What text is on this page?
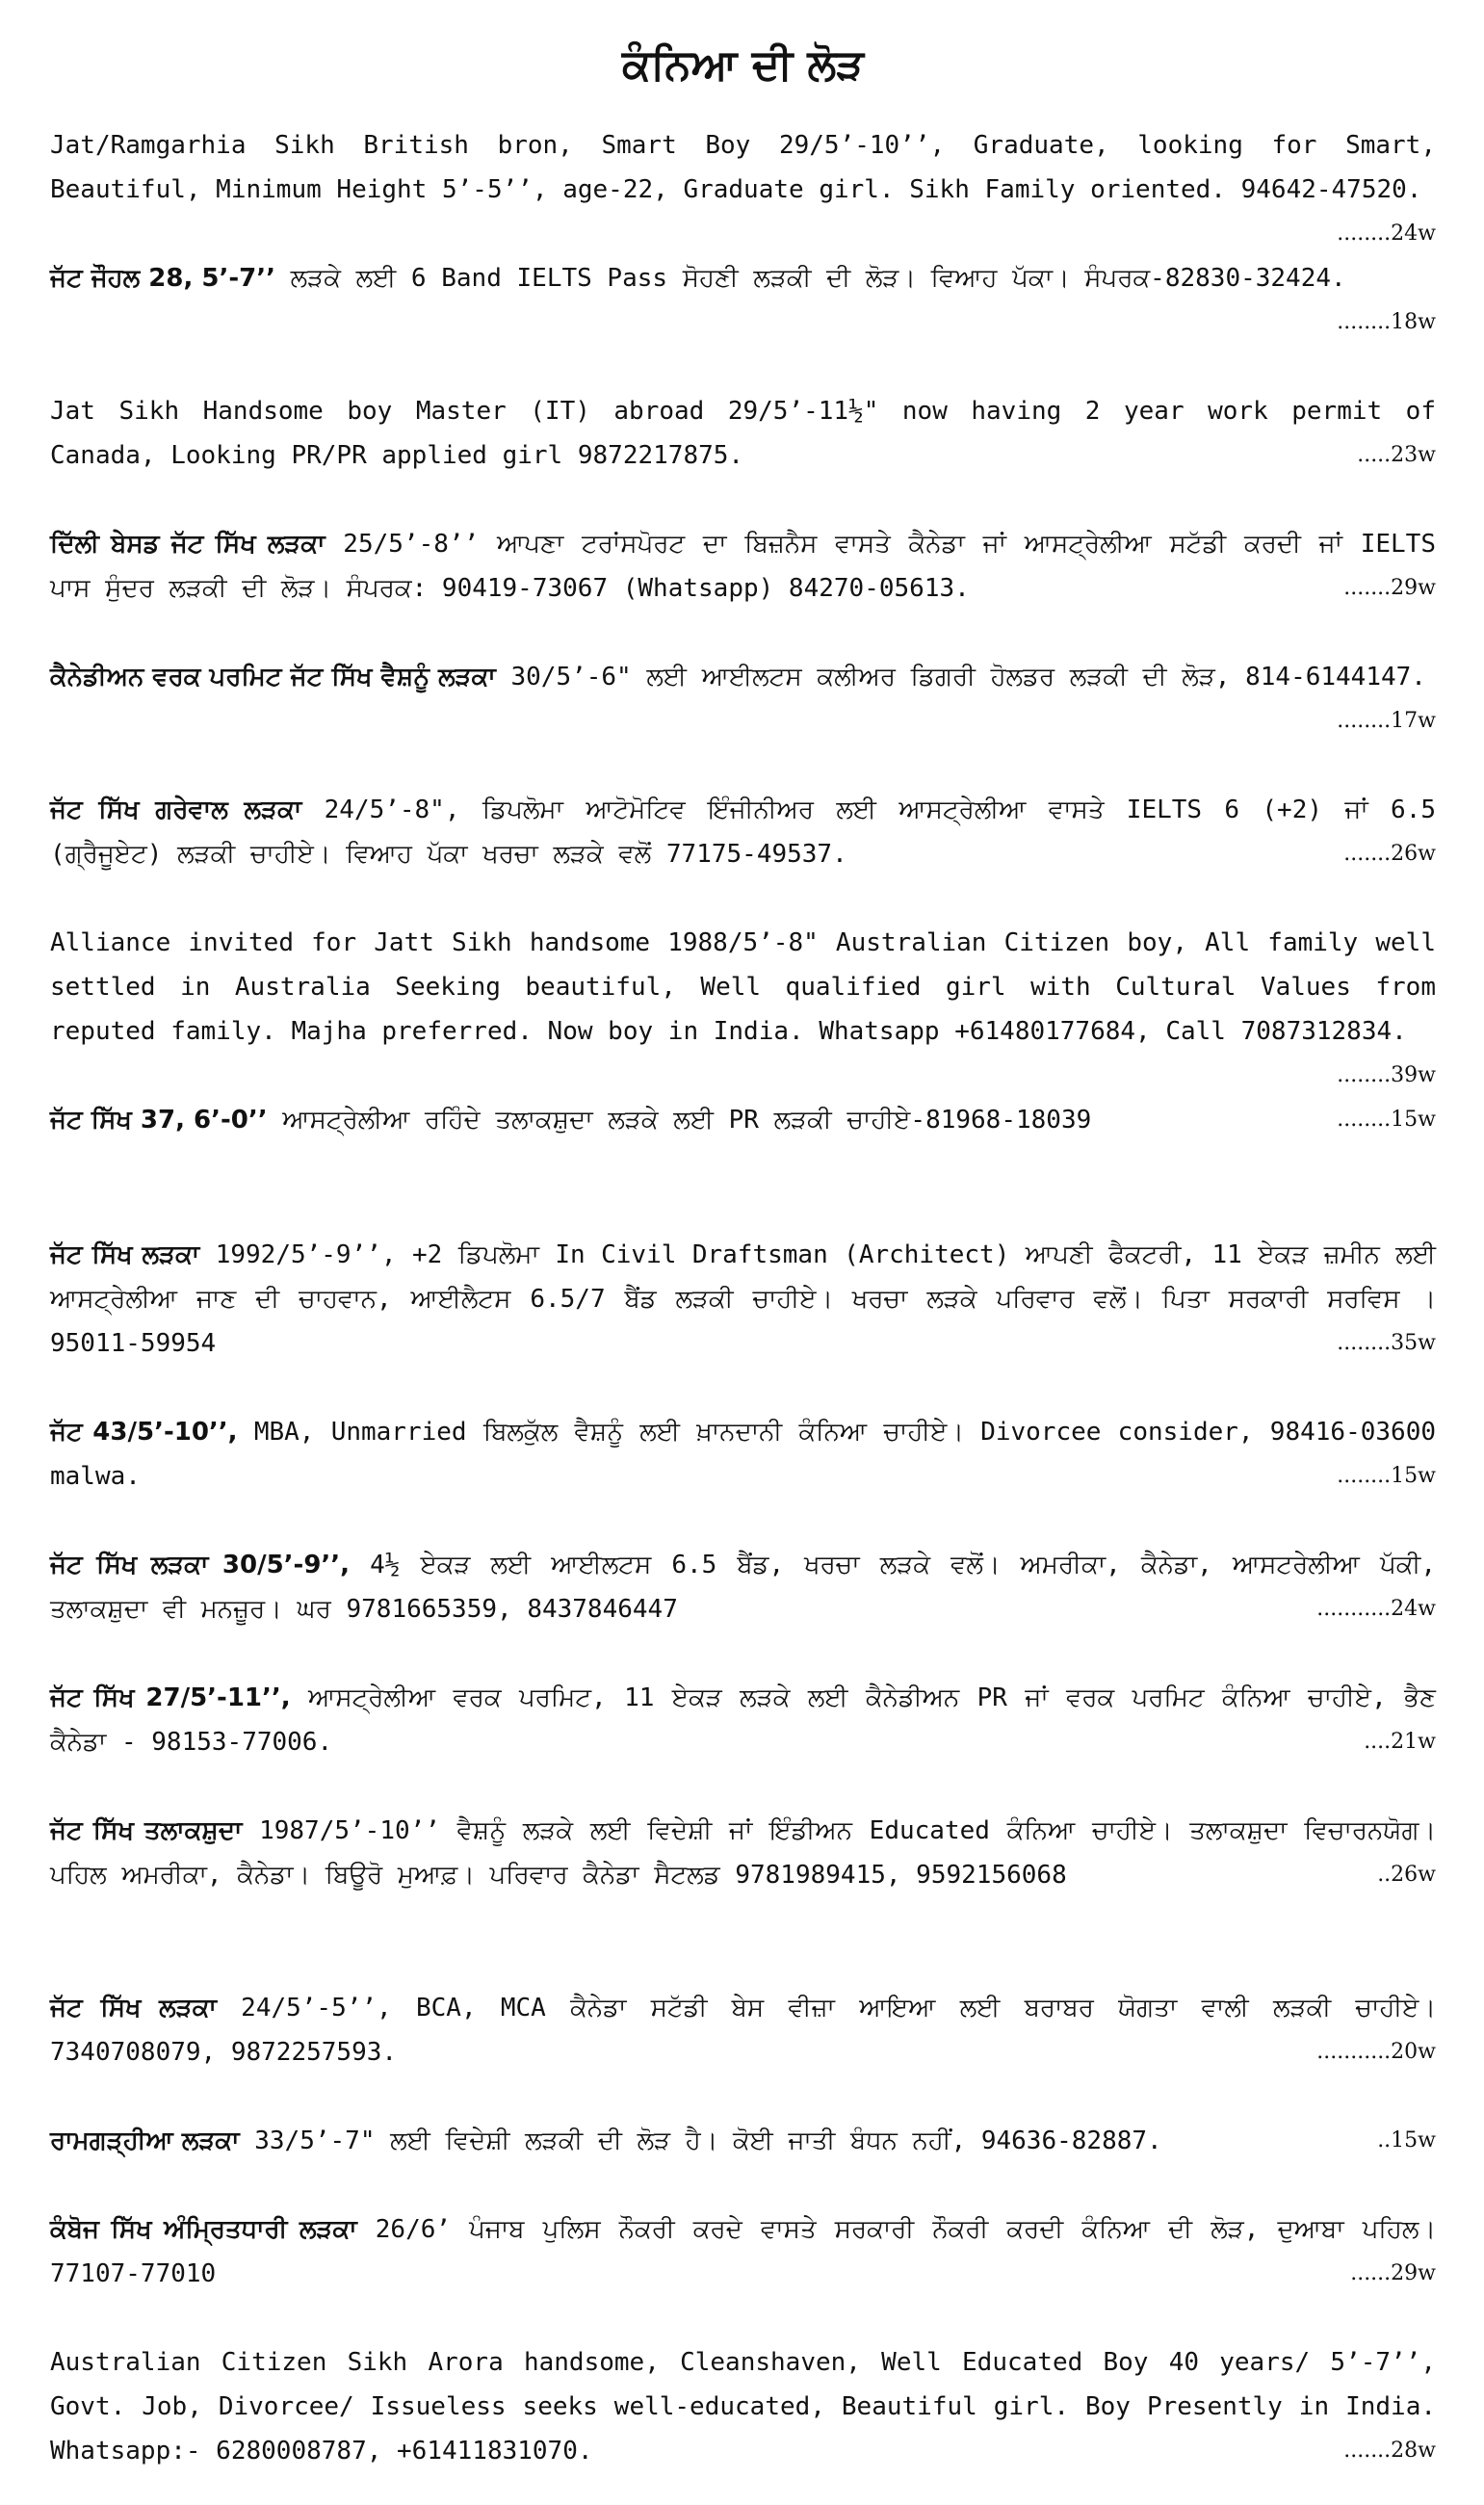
ਕੰਨਿਆ ਦੀ ਲੋੜ
Jat/Ramgarhia Sikh British bron, Smart Boy 29/5’-10’’, Graduate, looking for Smart, Beautiful, Minimum Height 5’-5’’, age-22, Graduate girl. Sikh Family oriented. 94642-47520.
........24w
ਜੱਟ ਜੌਹਲ 28, 5’-7’’ ਲੜਕੇ ਲਈ 6 Band IELTS Pass ਸੋਹਣੀ ਲੜਕੀ ਦੀ ਲੋੜ। ਵਿਆਹ ਪੱਕਾ। ਸੰਪਰਕ-82830-32424.
........18w
Jat Sikh Handsome boy Master (IT) abroad 29/5’-11½" now having 2 year work permit of Canada, Looking PR/PR applied girl 9872217875.	.....23w
ਦਿੱਲੀ ਬੇਸਡ ਜੱਟ ਸਿੱਖ ਲੜਕਾ 25/5’-8’’ ਆਪਣਾ ਟਰਾਂਸਪੋਰਟ ਦਾ ਬਿਜ਼ਨੈਸ ਵਾਸਤੇ ਕੈਨੇਡਾ ਜਾਂ ਆਸਟ੍ਰੇਲੀਆ ਸਟੱਡੀ ਕਰਦੀ ਜਾਂ IELTS ਪਾਸ ਸੁੰਦਰ ਲੜਕੀ ਦੀ ਲੋੜ। ਸੰਪਰਕ: 90419-73067 (Whatsapp) 84270-05613.	.......29w
ਕੈਨੇਡੀਅਨ ਵਰਕ ਪਰਮਿਟ ਜੱਟ ਸਿੱਖ ਵੈਸ਼ਨੂੰ ਲੜਕਾ 30/5’-6" ਲਈ ਆਈਲਟਸ ਕਲੀਅਰ ਡਿਗਰੀ ਹੋਲਡਰ ਲੜਕੀ ਦੀ ਲੋੜ, 814-6144147.
........17w
ਜੱਟ ਸਿੱਖ ਗਰੇਵਾਲ ਲੜਕਾ 24/5’-8", ਡਿਪਲੋਮਾ ਆਟੋਮੋਟਿਵ ਇੰਜੀਨੀਅਰ ਲਈ ਆਸਟ੍ਰੇਲੀਆ ਵਾਸਤੇ IELTS 6 (+2) ਜਾਂ 6.5 (ਗ੍ਰੈਜੂਏਟ) ਲੜਕੀ ਚਾਹੀਏ। ਵਿਆਹ ਪੱਕਾ ਖਰਚਾ ਲੜਕੇ ਵਲੋਂ 77175-49537.	.......26w
Alliance invited for Jatt Sikh handsome 1988/5’-8" Australian Citizen boy, All family well settled in Australia Seeking beautiful, Well qualified girl with Cultural Values from reputed family. Majha preferred. Now boy in India. Whatsapp +61480177684, Call 7087312834.
........39w
ਜੱਟ ਸਿੱਖ 37, 6’-0’’ ਆਸਟ੍ਰੇਲੀਆ ਰਹਿੰਦੇ ਤਲਾਕਸ਼ੁਦਾ ਲੜਕੇ ਲਈ PR ਲੜਕੀ ਚਾਹੀਏ-81968-18039	........15w
ਜੱਟ ਸਿੱਖ ਲੜਕਾ 1992/5’-9’’, +2 ਡਿਪਲੋਮਾ In Civil Draftsman (Architect) ਆਪਣੀ ਫੈਕਟਰੀ, 11 ਏਕੜ ਜ਼ਮੀਨ ਲਈ ਆਸਟ੍ਰੇਲੀਆ ਜਾਣ ਦੀ ਚਾਹਵਾਨ, ਆਈਲੈਟਸ 6.5/7 ਬੈਂਡ ਲੜਕੀ ਚਾਹੀਏ। ਖਰਚਾ ਲੜਕੇ ਪਰਿਵਾਰ ਵਲੋਂ। ਪਿਤਾ ਸਰਕਾਰੀ ਸਰਵਿਸ ।95011-59954	........35w
ਜੱਟ 43/5’-10’’, MBA, Unmarried ਬਿਲਕੁੱਲ ਵੈਸ਼ਨੂੰ ਲਈ ਖ਼ਾਨਦਾਨੀ ਕੰਨਿਆ ਚਾਹੀਏ। Divorcee consider, 98416-03600 malwa.	........15w
ਜੱਟ ਸਿੱਖ ਲੜਕਾ 30/5’-9’’, 4½ ਏਕੜ ਲਈ ਆਈਲਟਸ 6.5 ਬੈਂਡ, ਖਰਚਾ ਲੜਕੇ ਵਲੋਂ। ਅਮਰੀਕਾ, ਕੈਨੇਡਾ, ਆਸਟਰੇਲੀਆ ਪੱਕੀ, ਤਲਾਕਸ਼ੁਦਾ ਵੀ ਮਨਜ਼ੂਰ। ਘਰ 9781665359, 8437846447	...........24w
ਜੱਟ ਸਿੱਖ 27/5’-11’’, ਆਸਟ੍ਰੇਲੀਆ ਵਰਕ ਪਰਮਿਟ, 11 ਏਕੜ ਲੜਕੇ ਲਈ ਕੈਨੇਡੀਅਨ PR ਜਾਂ ਵਰਕ ਪਰਮਿਟ ਕੰਨਿਆ ਚਾਹੀਏ, ਭੈਣ ਕੈਨੇਡਾ - 98153-77006.	....21w
ਜੱਟ ਸਿੱਖ ਤਲਾਕਸ਼ੁਦਾ 1987/5’-10’’ ਵੈਸ਼ਨੂੰ ਲੜਕੇ ਲਈ ਵਿਦੇਸ਼ੀ ਜਾਂ ਇੰਡੀਅਨ Educated ਕੰਨਿਆ ਚਾਹੀਏ। ਤਲਾਕਸ਼ੁਦਾ ਵਿਚਾਰਨਯੋਗ। ਪਹਿਲ ਅਮਰੀਕਾ, ਕੈਨੇਡਾ। ਬਿਊਰੋ ਮੁਆਫ਼। ਪਰਿਵਾਰ ਕੈਨੇਡਾ ਸੈਟਲਡ 9781989415, 9592156068	..26w
ਜੱਟ ਸਿੱਖ ਲੜਕਾ 24/5’-5’’, BCA, MCA ਕੈਨੇਡਾ ਸਟੱਡੀ ਬੇਸ ਵੀਜ਼ਾ ਆਇਆ ਲਈ ਬਰਾਬਰ ਯੋਗਤਾ ਵਾਲੀ ਲੜਕੀ ਚਾਹੀਏ। 7340708079, 9872257593.	...........20w
ਰਾਮਗੜ੍ਹੀਆ ਲੜਕਾ 33/5’-7" ਲਈ ਵਿਦੇਸ਼ੀ ਲੜਕੀ ਦੀ ਲੋੜ ਹੈ। ਕੋਈ ਜਾਤੀ ਬੰਧਨ ਨਹੀਂ, 94636-82887.	..15w
ਕੰਬੋਜ ਸਿੱਖ ਅੰਮ੍ਰਿਤਧਾਰੀ ਲੜਕਾ 26/6’ ਪੰਜਾਬ ਪੁਲਿਸ ਨੌਕਰੀ ਕਰਦੇ ਵਾਸਤੇ ਸਰਕਾਰੀ ਨੌਕਰੀ ਕਰਦੀ ਕੰਨਿਆ ਦੀ ਲੋੜ, ਦੁਆਬਾ ਪਹਿਲ। 77107-77010	......29w
Australian Citizen Sikh Arora handsome, Cleanshaven, Well Educated Boy 40 years/ 5’-7’’, Govt. Job, Divorcee/ Issueless seeks well-educated, Beautiful girl. Boy Presently in India. Whatsapp:- 6280008787, +61411831070.	.......28w
